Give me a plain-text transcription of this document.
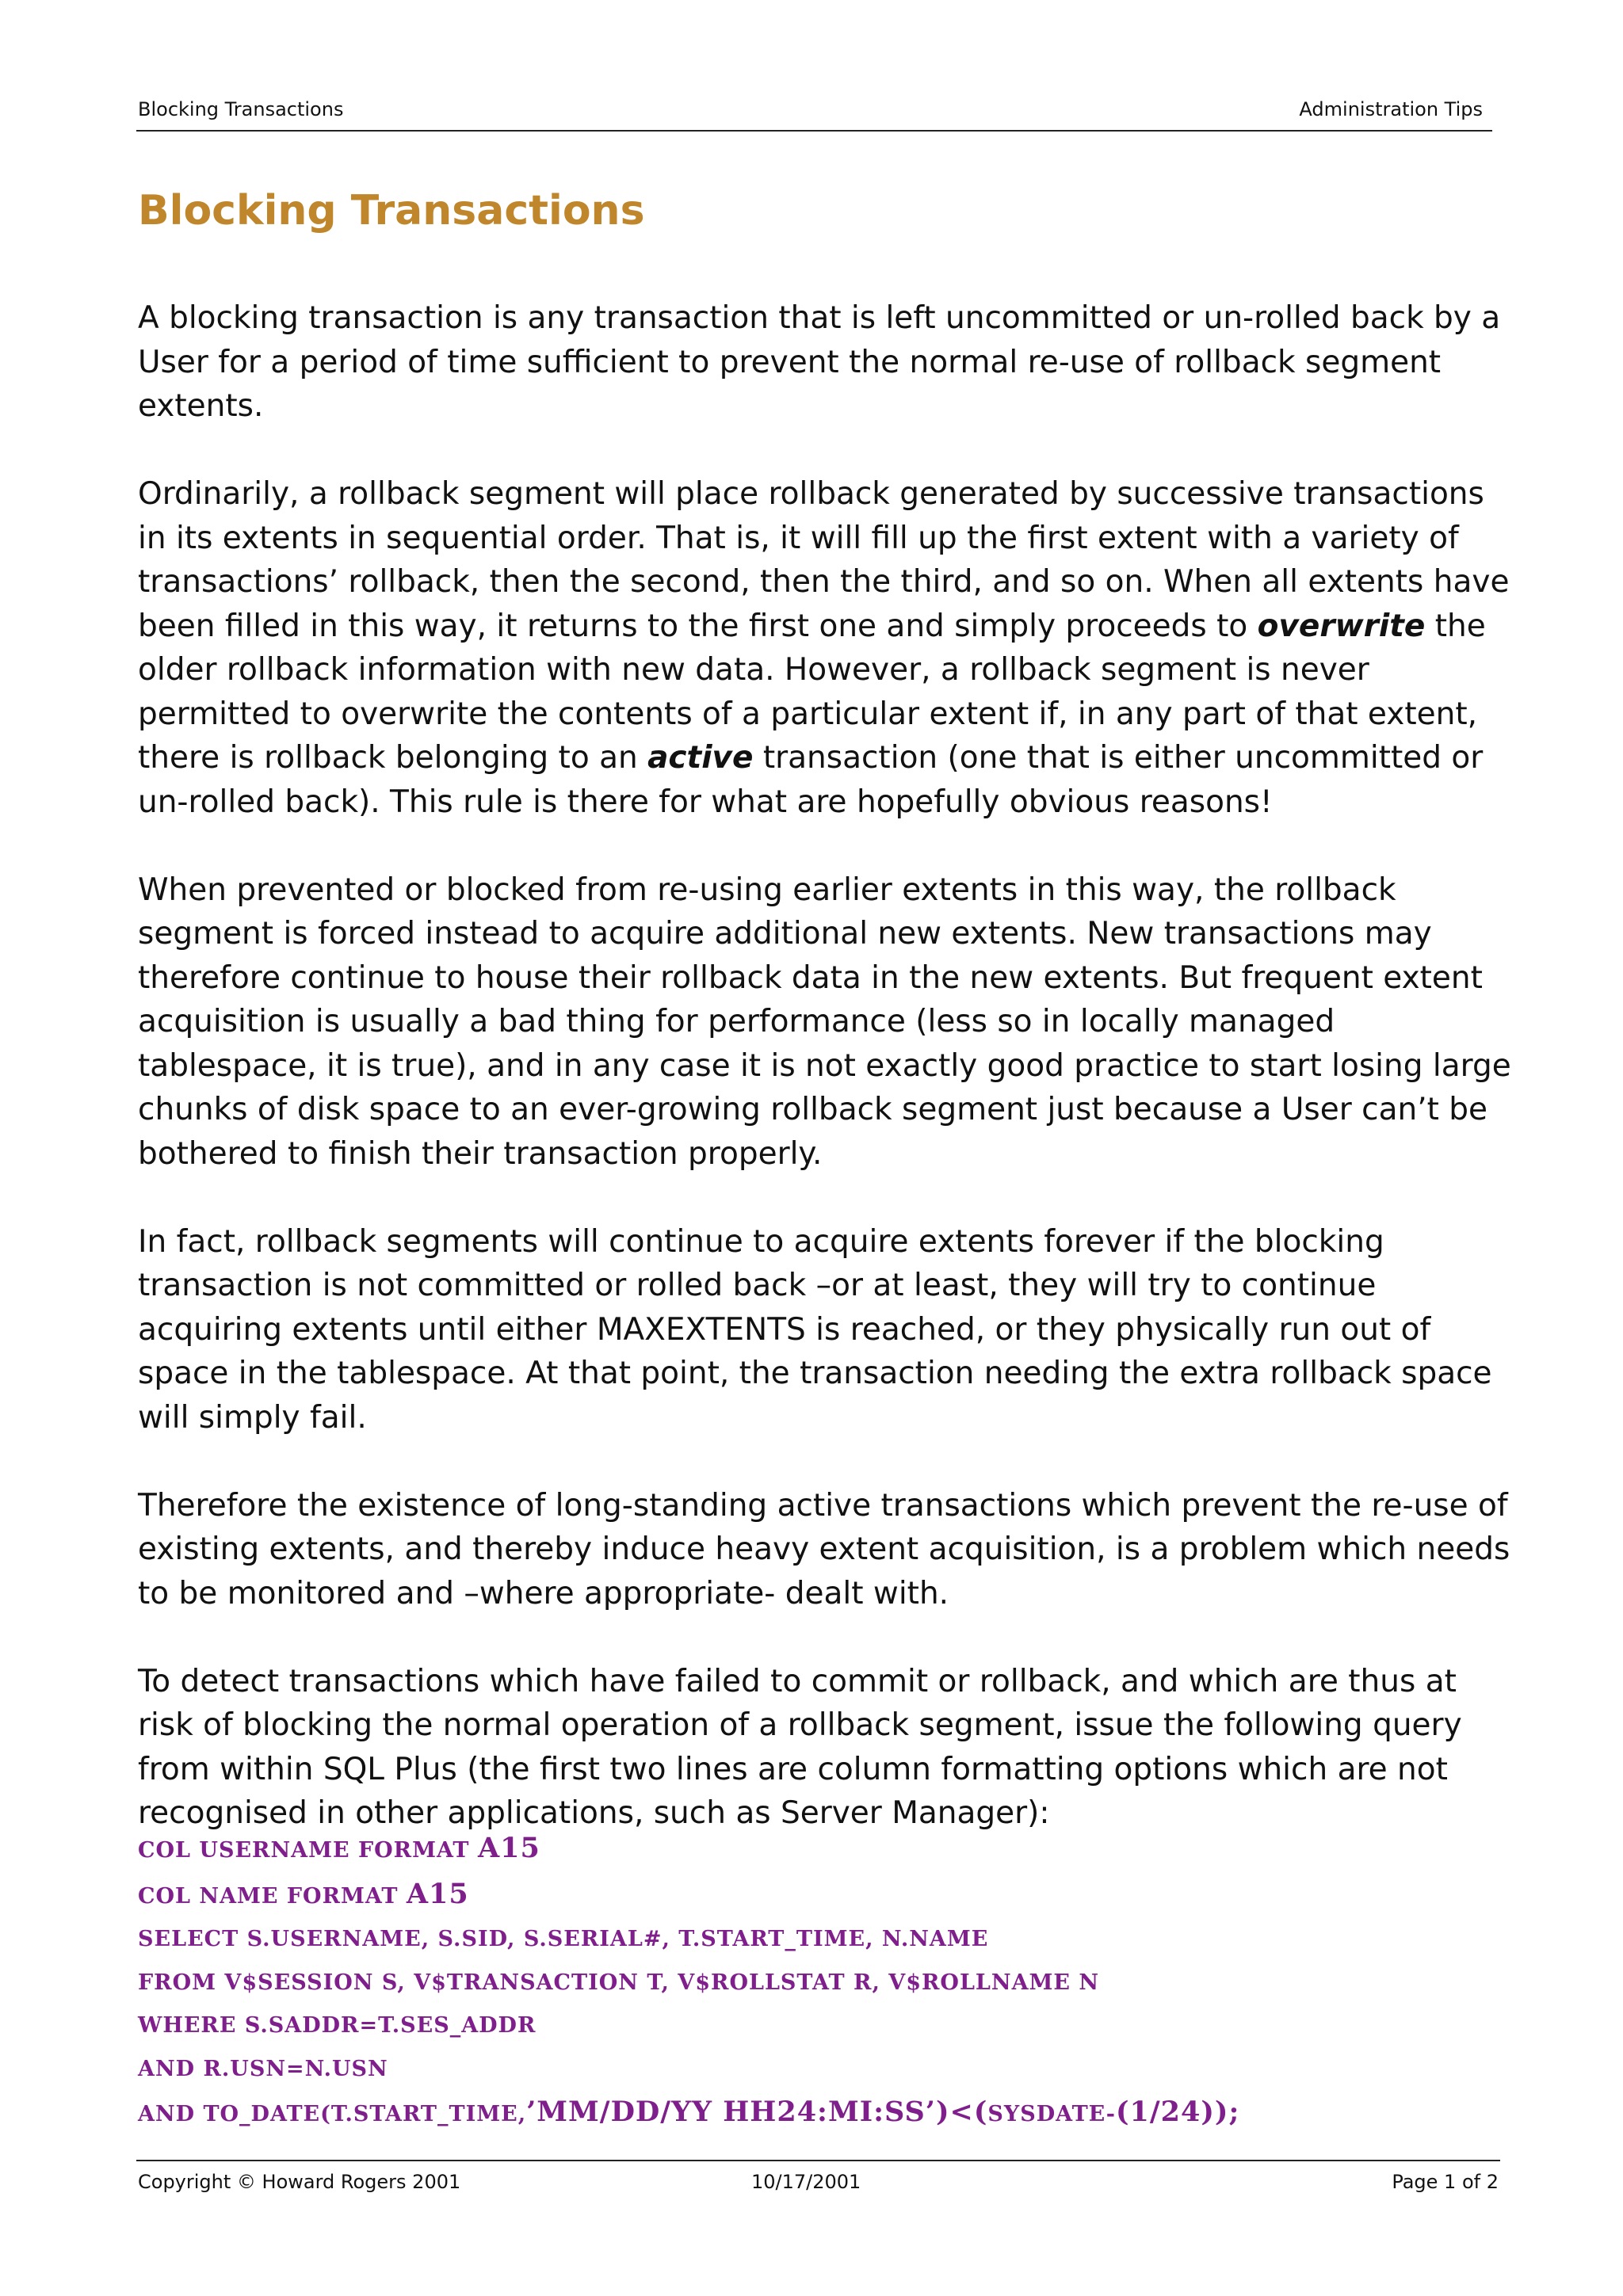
Blocking Transactions	Administration Tips
Blocking Transactions

A blocking transaction is any transaction that is left uncommitted or un-rolled back by a User for a period of time sufficient to prevent the normal re-use of rollback segment extents.

Ordinarily, a rollback segment will place rollback generated by successive transactions in its extents in sequential order. That is, it will fill up the first extent with a variety of transactions’ rollback, then the second, then the third, and so on. When all extents have been filled in this way, it returns to the first one and simply proceeds to overwrite the older rollback information with new data. However, a rollback segment is never permitted to overwrite the contents of a particular extent if, in any part of that extent, there is rollback belonging to an active transaction (one that is either uncommitted or un-rolled back). This rule is there for what are hopefully obvious reasons!

When prevented or blocked from re-using earlier extents in this way, the rollback segment is forced instead to acquire additional new extents. New transactions may therefore continue to house their rollback data in the new extents. But frequent extent acquisition is usually a bad thing for performance (less so in locally managed tablespace, it is true), and in any case it is not exactly good practice to start losing large chunks of disk space to an ever-growing rollback segment just because a User can’t be bothered to finish their transaction properly.

In fact, rollback segments will continue to acquire extents forever if the blocking transaction is not committed or rolled back –or at least, they will try to continue acquiring extents until either MAXEXTENTS is reached, or they physically run out of space in the tablespace. At that point, the transaction needing the extra rollback space will simply fail.

Therefore the existence of long-standing active transactions which prevent the re-use of existing extents, and thereby induce heavy extent acquisition, is a problem which needs to be monitored and –where appropriate- dealt with.

To detect transactions which have failed to commit or rollback, and which are thus at risk of blocking the normal operation of a rollback segment, issue the following query from within SQL Plus (the first two lines are column formatting options which are not recognised in other applications, such as Server Manager):

COL USERNAME FORMAT A15
COL NAME FORMAT A15
SELECT S.USERNAME, S.SID, S.SERIAL#, T.START_TIME, N.NAME
FROM V$SESSION S, V$TRANSACTION T, V$ROLLSTAT R, V$ROLLNAME N
WHERE S.SADDR=T.SES_ADDR
AND R.USN=N.USN
AND TO_DATE(T.START_TIME,’MM/DD/YY HH24:MI:SS’)<(SYSDATE-(1/24));
Copyright © Howard Rogers 2001	10/17/2001	Page 1 of 2
